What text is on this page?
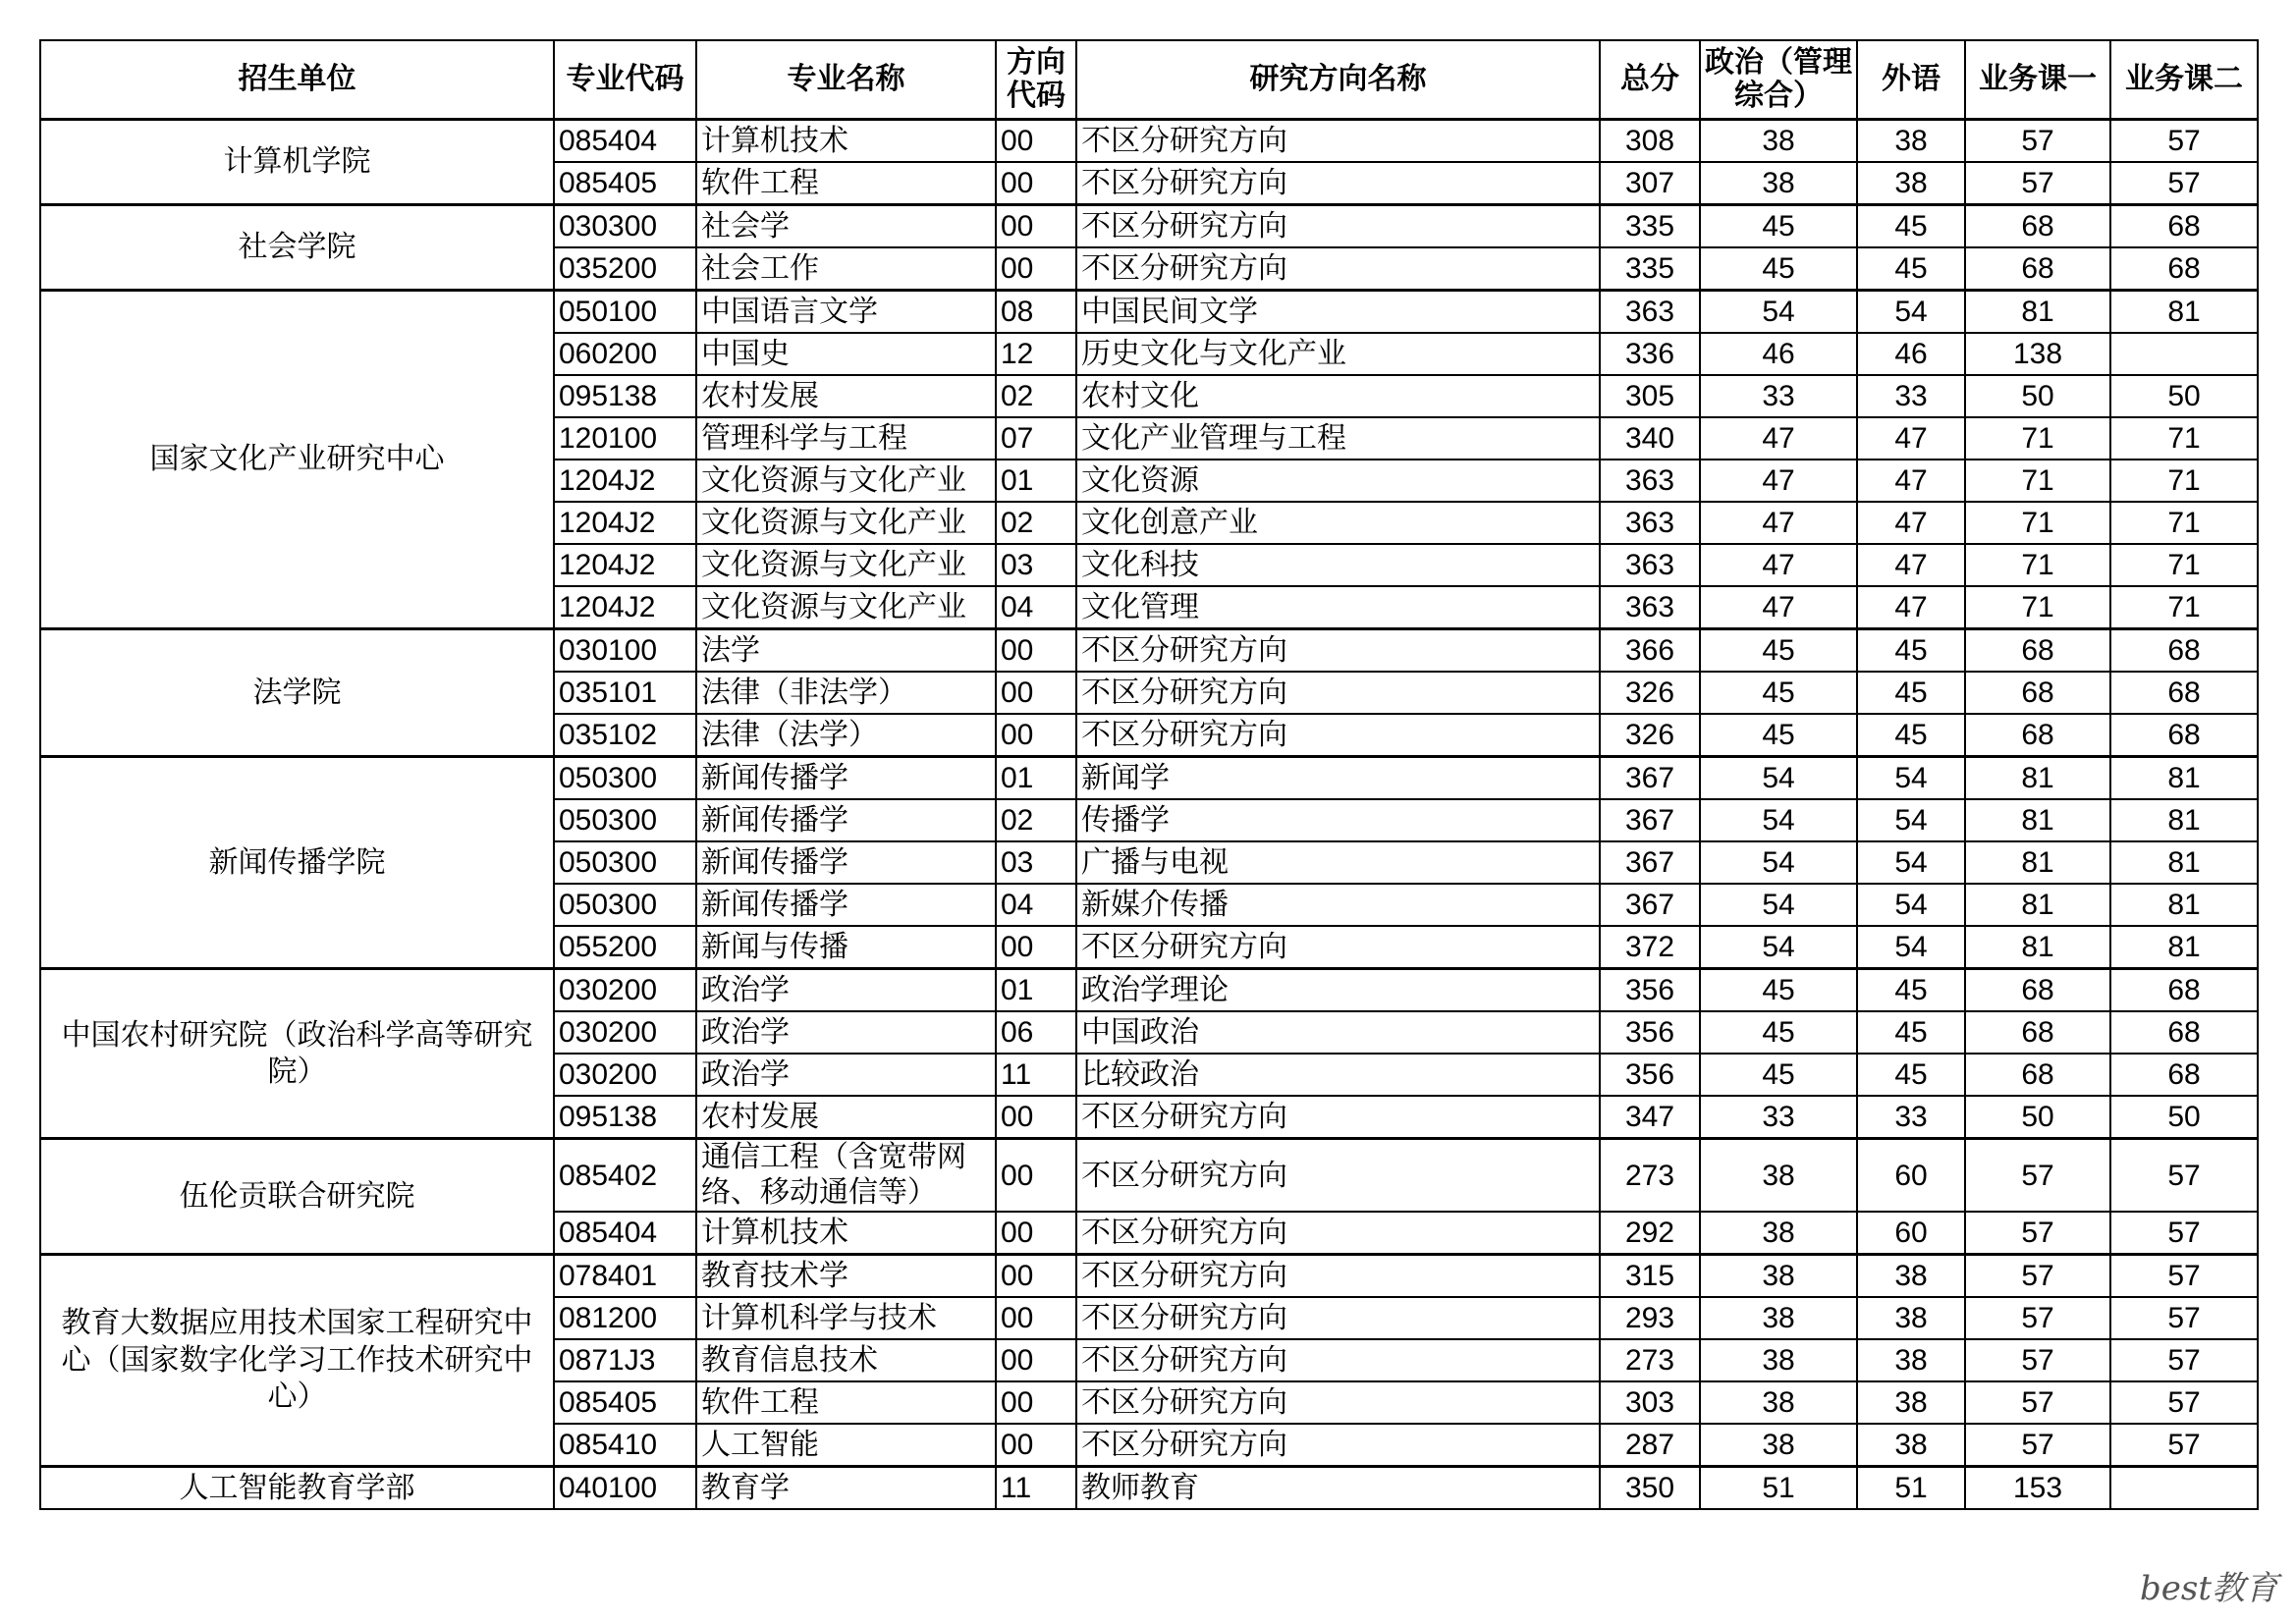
招生单位	专业代码	专业名称	方向代码	研究方向名称	总分	政治（管理综合）	外语	业务课一	业务课二
计算机学院	085404	计算机技术	00	不区分研究方向	308	38	38	57	57
	085405	软件工程	00	不区分研究方向	307	38	38	57	57
社会学院	030300	社会学	00	不区分研究方向	335	45	45	68	68
	035200	社会工作	00	不区分研究方向	335	45	45	68	68
国家文化产业研究中心	050100	中国语言文学	08	中国民间文学	363	54	54	81	81
	060200	中国史	12	历史文化与文化产业	336	46	46	138	
	095138	农村发展	02	农村文化	305	33	33	50	50
	120100	管理科学与工程	07	文化产业管理与工程	340	47	47	71	71
	1204J2	文化资源与文化产业	01	文化资源	363	47	47	71	71
	1204J2	文化资源与文化产业	02	文化创意产业	363	47	47	71	71
	1204J2	文化资源与文化产业	03	文化科技	363	47	47	71	71
	1204J2	文化资源与文化产业	04	文化管理	363	47	47	71	71
法学院	030100	法学	00	不区分研究方向	366	45	45	68	68
	035101	法律（非法学）	00	不区分研究方向	326	45	45	68	68
	035102	法律（法学）	00	不区分研究方向	326	45	45	68	68
新闻传播学院	050300	新闻传播学	01	新闻学	367	54	54	81	81
	050300	新闻传播学	02	传播学	367	54	54	81	81
	050300	新闻传播学	03	广播与电视	367	54	54	81	81
	050300	新闻传播学	04	新媒介传播	367	54	54	81	81
	055200	新闻与传播	00	不区分研究方向	372	54	54	81	81
中国农村研究院（政治科学高等研究院）	030200	政治学	01	政治学理论	356	45	45	68	68
	030200	政治学	06	中国政治	356	45	45	68	68
	030200	政治学	11	比较政治	356	45	45	68	68
	095138	农村发展	00	不区分研究方向	347	33	33	50	50
伍伦贡联合研究院	085402	通信工程（含宽带网络、移动通信等）	00	不区分研究方向	273	38	60	57	57
	085404	计算机技术	00	不区分研究方向	292	38	60	57	57
教育大数据应用技术国家工程研究中心（国家数字化学习工作技术研究中心）	078401	教育技术学	00	不区分研究方向	315	38	38	57	57
	081200	计算机科学与技术	00	不区分研究方向	293	38	38	57	57
	0871J3	教育信息技术	00	不区分研究方向	273	38	38	57	57
	085405	软件工程	00	不区分研究方向	303	38	38	57	57
	085410	人工智能	00	不区分研究方向	287	38	38	57	57
人工智能教育学部	040100	教育学	11	教师教育	350	51	51	153	
best教育
